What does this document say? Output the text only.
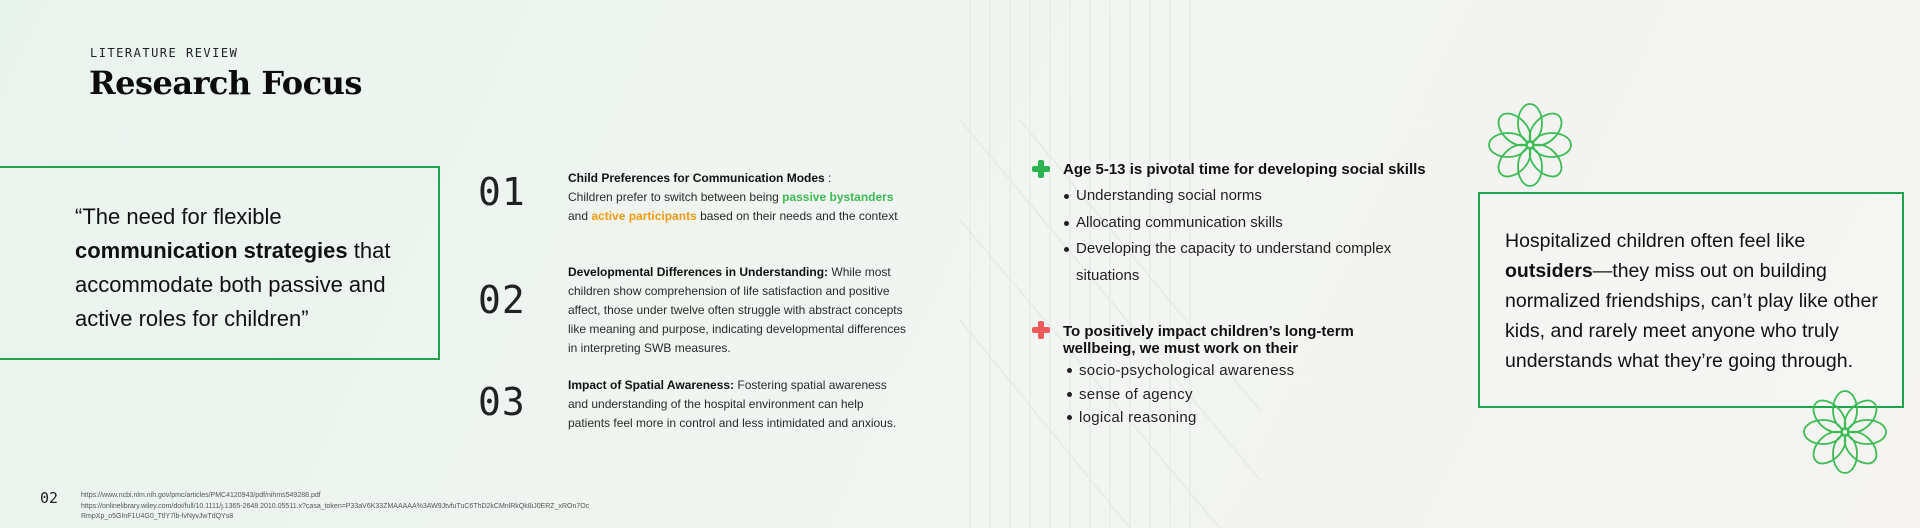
LITERATURE REVIEW
Research Focus
“The need for flexible communication strategies that accommodate both passive and active roles for children”
01
02
03
Child Preferences for Communication Modes :
Children prefer to switch between being passive bystanders and active participants based on their needs and the context
Developmental Differences in Understanding: While most children show comprehension of life satisfaction and positive affect, those under twelve often struggle with abstract concepts like meaning and purpose, indicating developmental differences in interpreting SWB measures.
Impact of Spatial Awareness: Fostering spatial awareness and understanding of the hospital environment can help patients feel more in control and less intimidated and anxious.
Age 5-13 is pivotal time for developing social skills
Understanding social norms
Allocating communication skills
Developing the capacity to understand complex situations
To positively impact children’s long-term wellbeing, we must work on their
socio-psychological awareness
sense of agency
logical reasoning
Hospitalized children often feel like outsiders—they miss out on building normalized friendships, can’t play like other kids, and rarely meet anyone who truly understands what they’re going through.
02	https://www.ncbi.nlm.nih.gov/pmc/articles/PMC4120943/pdf/nihms549288.pdf
https://onlinelibrary.wiley.com/doi/full/10.1111/j.1365-2648.2010.05511.x?casa_token=P33aV6K33ZMAAAAA%3AW9JtvfuTuC6ThD2kCMnlRkQk8iJ0ERZ_xROn7Oc
RmpXp_o5GInF1U4G0_TtlY7lb-lvNyvJwTdQYs8
